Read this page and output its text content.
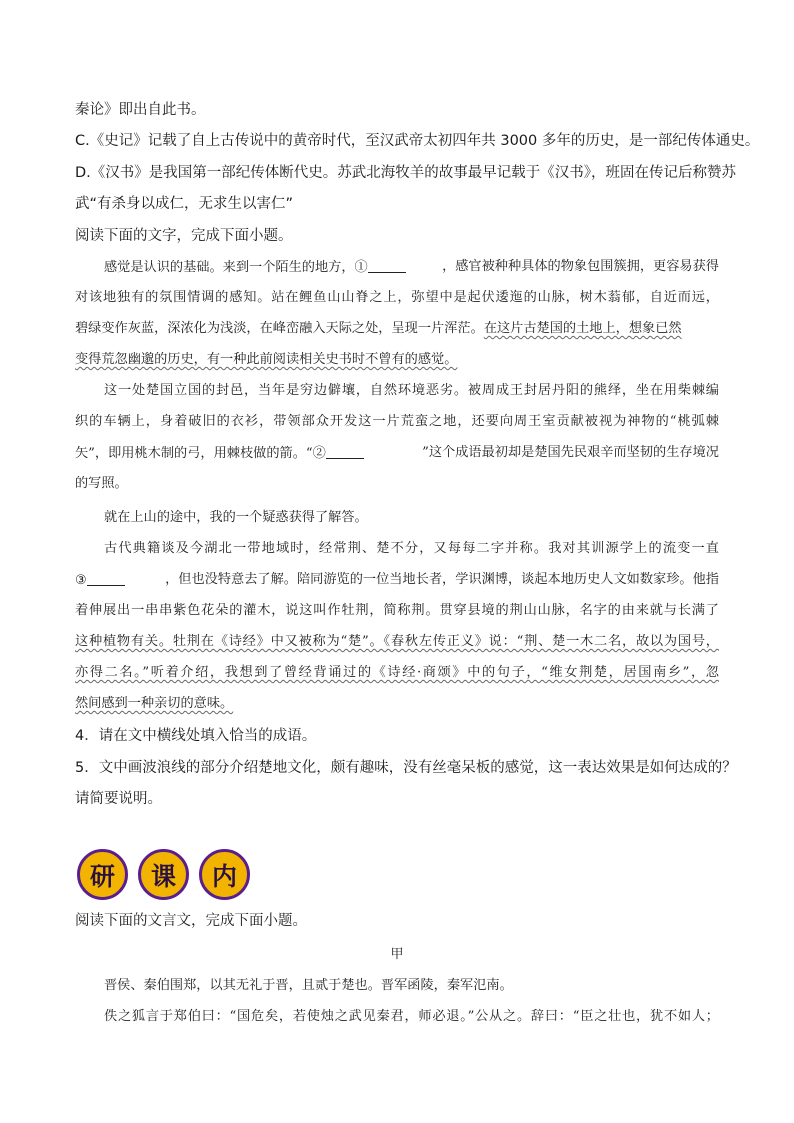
秦论》即出自此书。
C.《史记》记载了自上古传说中的黄帝时代，至汉武帝太初四年共 3000 多年的历史，是一部纪传体通史。
D.《汉书》是我国第一部纪传体断代史。苏武北海牧羊的故事最早记载于《汉书》，班固在传记后称赞苏
武“有杀身以成仁，无求生以害仁”
阅读下面的文字，完成下面小题。
感觉是认识的基础。来到一个陌生的地方，①	，感官被种种具体的物象包围簇拥，更容易获得
对该地独有的氛围情调的感知。站在鲤鱼山山脊之上，弥望中是起伏逶迤的山脉，树木蓊郁，自近而远，
碧绿变作灰蓝，深浓化为浅淡，在峰峦融入天际之处，呈现一片浑茫。在这片古楚国的土地上，想象已然
变得荒忽幽邈的历史，有一种此前阅读相关史书时不曾有的感觉。
这一处楚国立国的封邑，当年是穷边僻壤，自然环境恶劣。被周成王封居丹阳的熊绎，坐在用柴棘编
织的车辆上，身着破旧的衣衫，带领部众开发这一片荒蛮之地，还要向周王室贡献被视为神物的“桃弧棘
矢”，即用桃木制的弓，用棘枝做的箭。“②	”这个成语最初却是楚国先民艰辛而坚韧的生存境况
的写照。
就在上山的途中，我的一个疑惑获得了解答。
古代典籍谈及今湖北一带地域时，经常荆、楚不分，又每每二字并称。我对其训源学上的流变一直
③	，但也没特意去了解。陪同游览的一位当地长者，学识渊博，谈起本地历史人文如数家珍。他指
着伸展出一串串紫色花朵的灌木，说这叫作牡荆，简称荆。贯穿县境的荆山山脉，名字的由来就与长满了
这种植物有关。牡荆在《诗经》中又被称为“楚”。《春秋左传正义》说：“荆、楚一木二名，故以为国号，
亦得二名。”听着介绍，我想到了曾经背诵过的《诗经·商颂》中的句子，“维女荆楚，居国南乡”，忽
然间感到一种亲切的意味。
4．请在文中横线处填入恰当的成语。
5．文中画波浪线的部分介绍楚地文化，颇有趣味，没有丝毫呆板的感觉，这一表达效果是如何达成的？
请简要说明。
研	课	内
阅读下面的文言文，完成下面小题。
甲
晋侯、秦伯围郑，以其无礼于晋，且贰于楚也。晋军函陵，秦军氾南。
佚之狐言于郑伯曰：“国危矣，若使烛之武见秦君，师必退。”公从之。辞曰：“臣之壮也，犹不如人；
